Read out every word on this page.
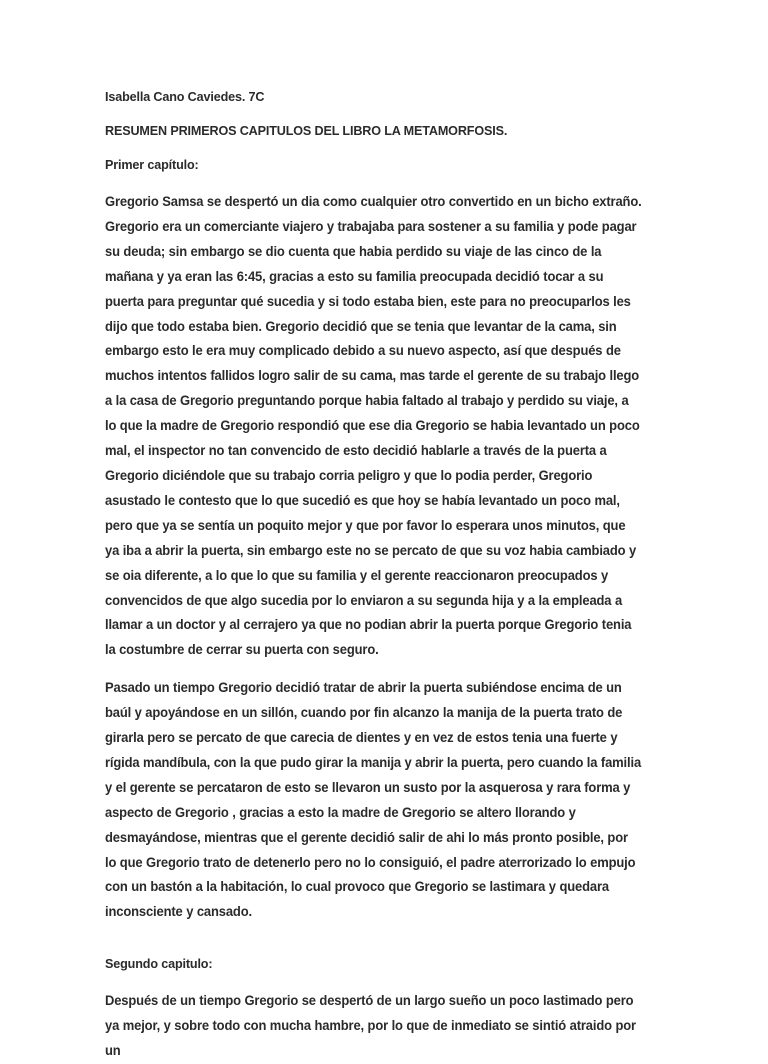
Isabella Cano Caviedes. 7C

RESUMEN PRIMEROS CAPITULOS DEL LIBRO LA METAMORFOSIS.

Primer capítulo:

Gregorio Samsa se despertó un dia como cualquier otro convertido en un bicho extraño. Gregorio era un comerciante viajero y trabajaba para sostener a su familia y pode pagar su deuda; sin embargo se dio cuenta que habia perdido su viaje de las cinco de la mañana y ya eran las 6:45, gracias a esto su familia preocupada decidió tocar a su puerta para preguntar qué sucedia y si todo estaba bien, este para no preocuparlos les dijo que todo estaba bien. Gregorio decidió que se tenia que levantar de la cama, sin embargo esto le era muy complicado debido a su nuevo aspecto, así que después de muchos intentos fallidos logro salir de su cama, mas tarde el gerente de su trabajo llego a la casa de Gregorio preguntando porque habia faltado al trabajo y perdido su viaje, a lo que la madre de Gregorio respondió que ese dia Gregorio se habia levantado un poco mal, el inspector no tan convencido de esto decidió hablarle a través de la puerta a Gregorio diciéndole que su trabajo corria peligro y que lo podia perder, Gregorio asustado le contesto que lo que sucedió es que hoy se había levantado un poco mal, pero que ya se sentía un poquito mejor y que por favor lo esperara unos minutos, que ya iba a abrir la puerta, sin embargo este no se percato de que su voz habia cambiado y se oia diferente, a lo que lo que su familia y el gerente reaccionaron preocupados y convencidos de que algo sucedia por lo enviaron a su segunda hija y a la empleada a llamar a un doctor y al cerrajero ya que no podian abrir la puerta porque Gregorio tenia la costumbre de cerrar su puerta con seguro.

Pasado un tiempo Gregorio decidió tratar de abrir la puerta subiéndose encima de un baúl y apoyándose en un sillón, cuando por fin alcanzo la manija de la puerta trato de girarla pero se percato de que carecia de dientes y en vez de estos tenia una fuerte y rígida mandíbula, con la que pudo girar la manija y abrir la puerta, pero cuando la familia y el gerente se percataron de esto se llevaron un susto por la asquerosa y rara forma y aspecto de Gregorio , gracias a esto la madre de Gregorio se altero llorando y desmayándose, mientras que el gerente decidió salir de ahi lo más pronto posible, por lo que Gregorio trato de detenerlo pero no lo consiguió, el padre aterrorizado lo empujo con un bastón a la habitación, lo cual provoco que Gregorio se lastimara y quedara inconsciente y cansado.

Segundo capitulo:

Después de un tiempo Gregorio se despertó de un largo sueño un poco lastimado pero ya mejor, y sobre todo con mucha hambre, por lo que de inmediato se sintió atraido por un
